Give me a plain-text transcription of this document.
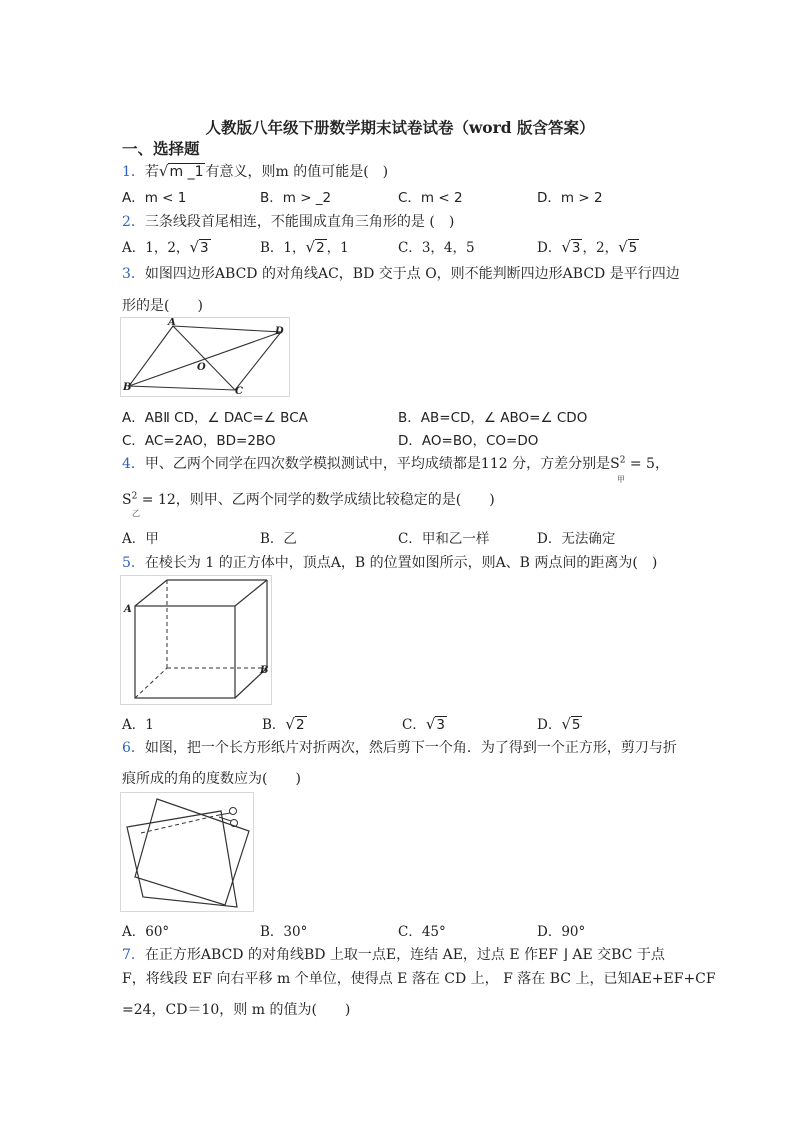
人教版八年级下册数学期末试卷试卷（word 版含答案）
一、选择题
1．若√m _1 有意义，则m 的值可能是(　)
A．m < 1	B．m > _2	C．m < 2	D．m > 2
2．三条线段首尾相连，不能围成直角三角形的是 (　)
A．1，2，√3	B．1，√2 ，1	C．3，4，5	D．√3 ，2，√5
3．如图四边形ABCD 的对角线AC，BD 交于点 O，则不能判断四边形ABCD 是平行四边
形的是(　　)
A
D
O
B	C
A．ABⅡ CD，∠ DAC=∠ BCA	B．AB=CD，∠ ABO=∠ CDO
C．AC=2AO，BD=2BO	D．AO=BO，CO=DO
4．甲、乙两个同学在四次数学模拟测试中，平均成绩都是112 分，方差分别是$S^2 = 5$，
甲
$S^2 = 12$，则甲、乙两个同学的数学成绩比较稳定的是(　　)
乙
A．甲	B．乙	C．甲和乙一样	D．无法确定
5．在棱长为 1 的正方体中，顶点A，B 的位置如图所示，则A、B 两点间的距离为(　)
A
B
A．1	B．√2	C．√3	D．√5
6．如图，把一个长方形纸片对折两次，然后剪下一个角．为了得到一个正方形，剪刀与折
痕所成的角的度数应为(　　)
A．60°	B．30°	C．45°	D．90°
7．在正方形ABCD 的对角线BD 上取一点E，连结 AE，过点 E 作EF ⌋ AE 交BC 于点
F，将线段 EF 向右平移 m 个单位，使得点 E 落在 CD 上， F 落在 BC 上，已知AE+EF+CF
=24，CD＝10，则 m 的值为(　　)
